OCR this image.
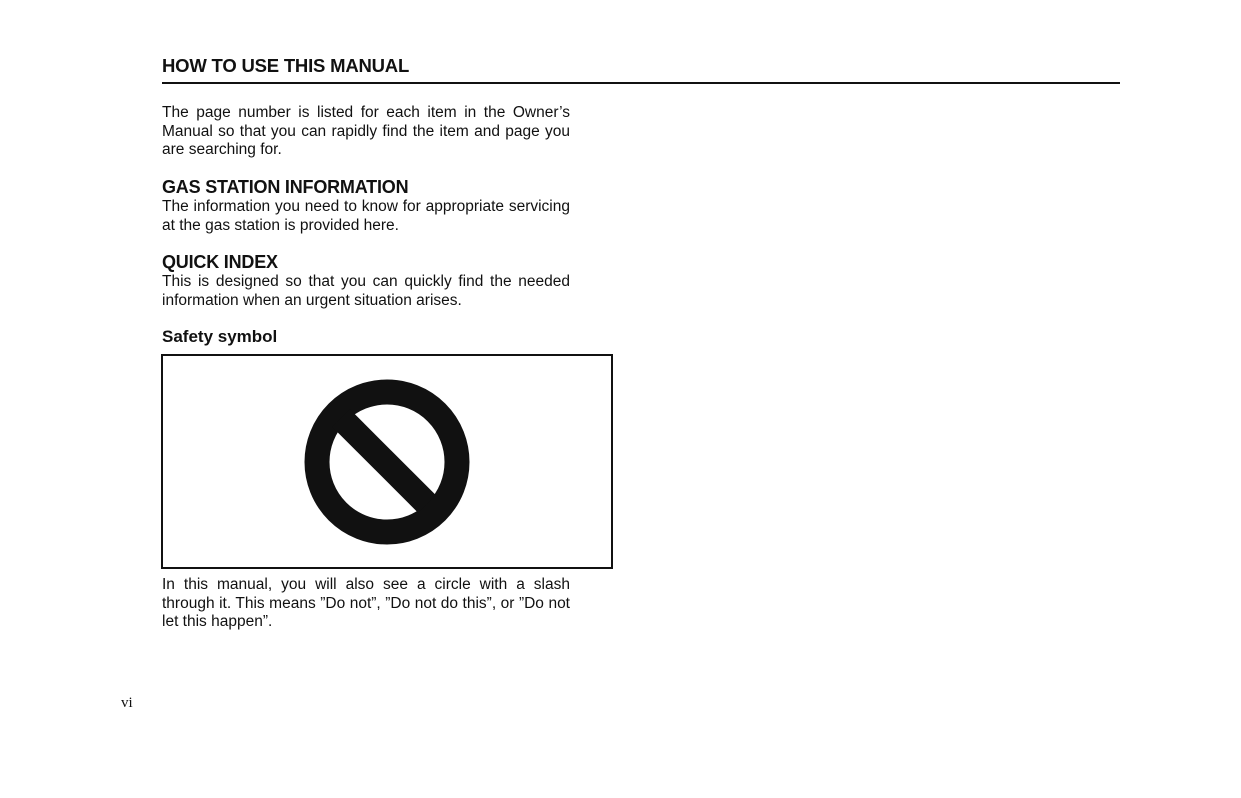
HOW TO USE THIS MANUAL
The page number is listed for each item in the Owner’s Manual so that you can rapidly find the item and page you are searching for.
GAS STATION INFORMATION
The information you need to know for appropriate servicing at the gas station is provided here.
QUICK INDEX
This is designed so that you can quickly find the needed information when an urgent situation arises.
Safety symbol
In this manual, you will also see a circle with a slash through it. This means ”Do not”, ”Do not do this”, or ”Do not let this happen”.
vi
